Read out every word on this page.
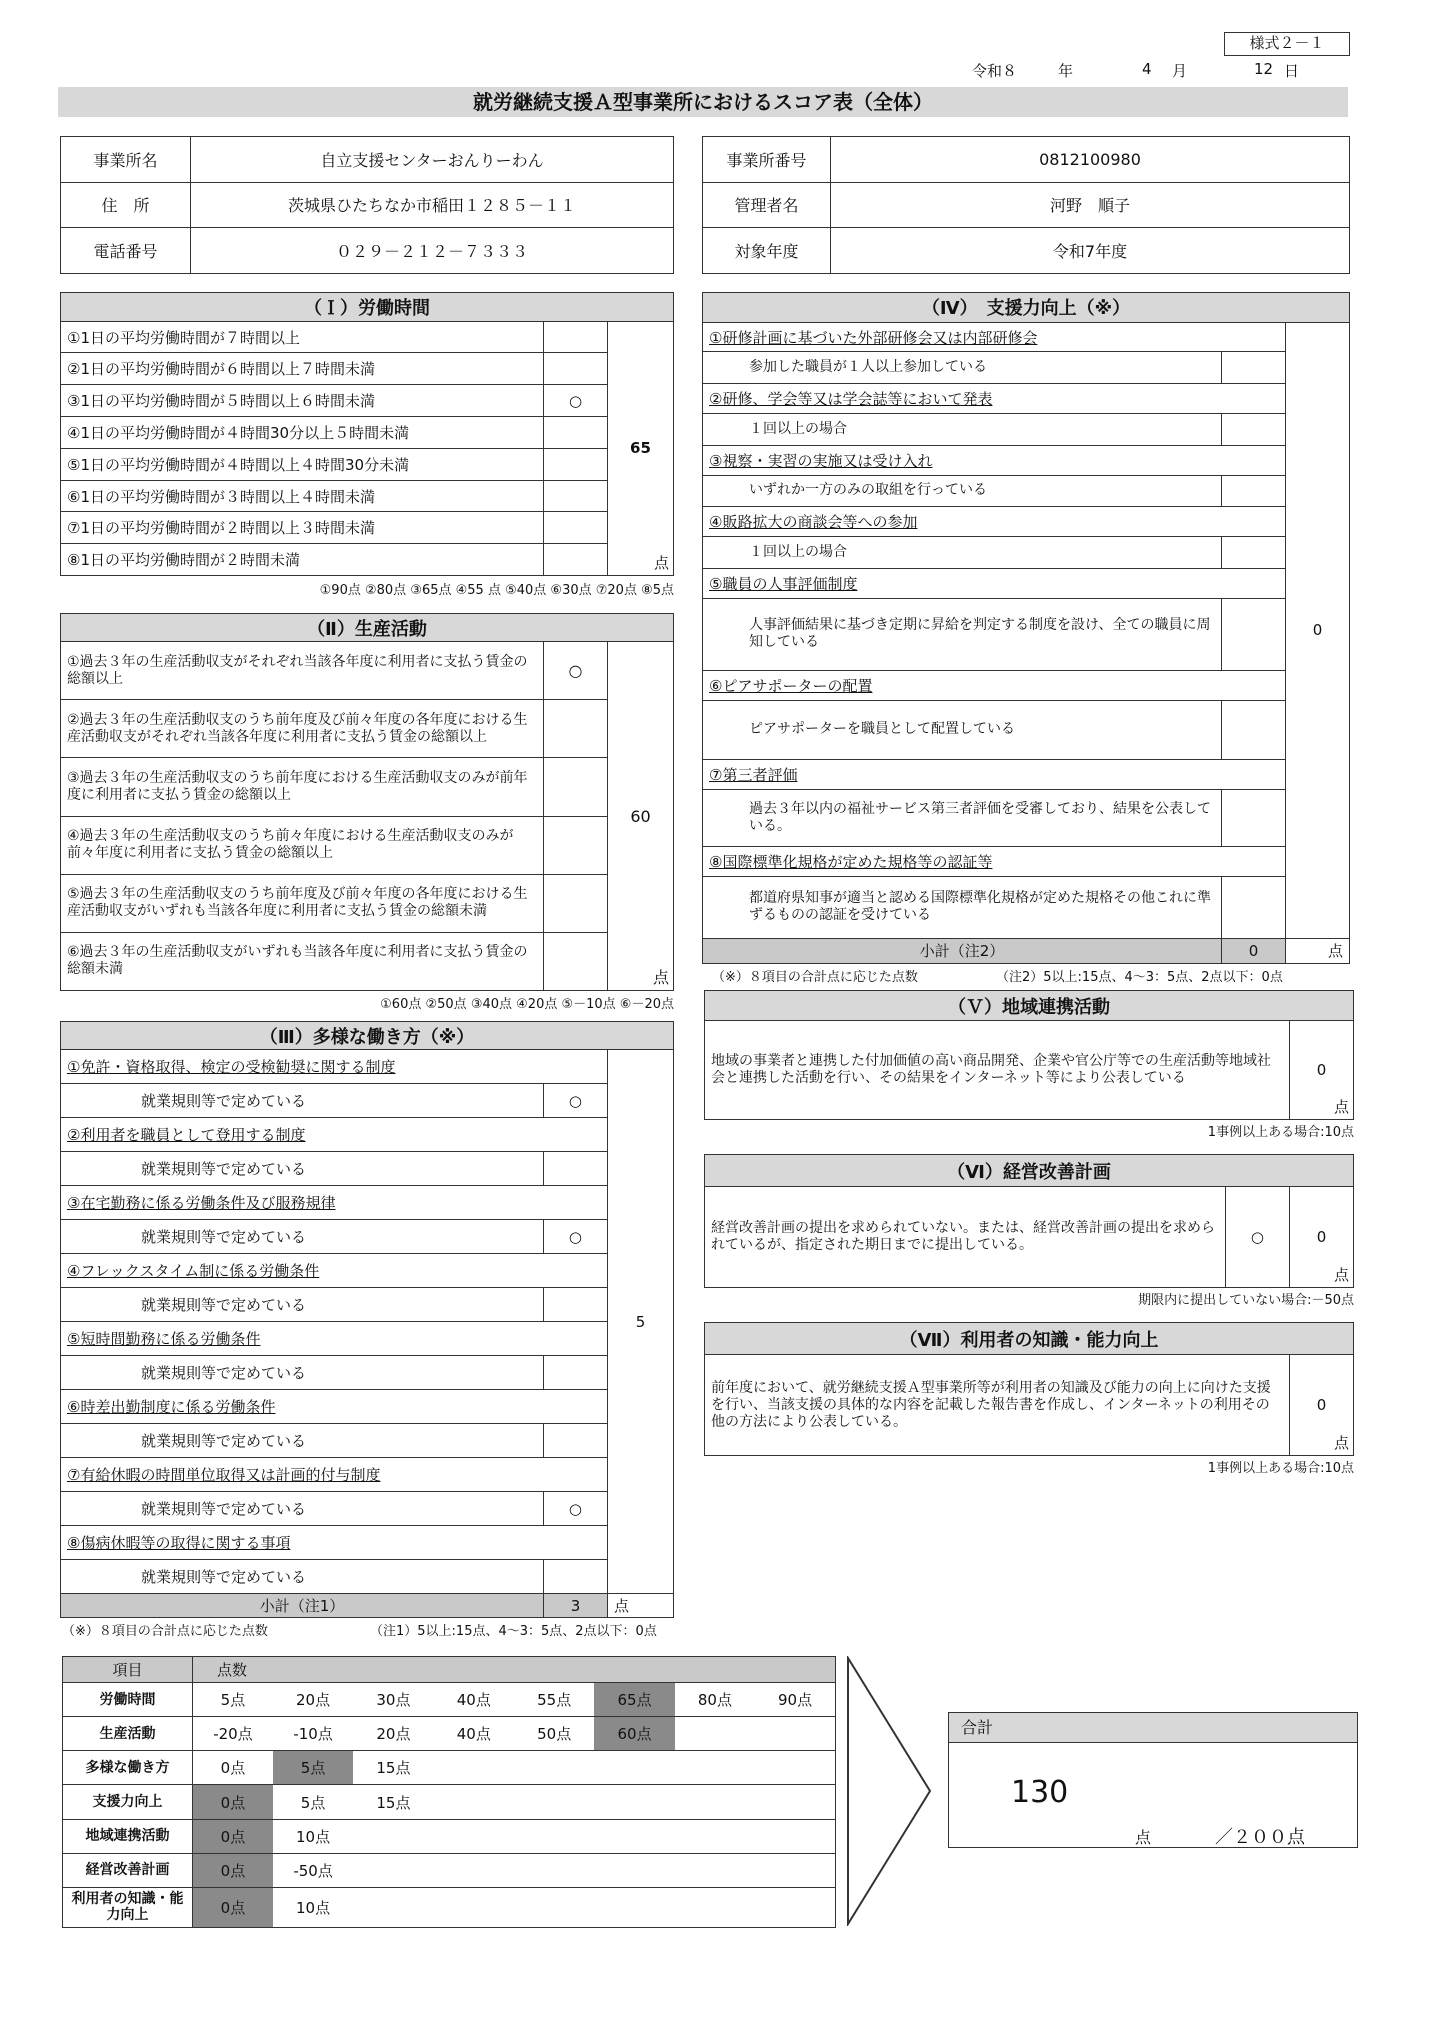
様式２－１
令和８	年	4 月	12 日
就労継続支援Ａ型事業所におけるスコア表（全体）
事業所名	自立支援センターおんりーわん
住　所	茨城県ひたちなか市稲田１２８５－１１
電話番号	０２９－２１２－７３３３
事業所番号	0812100980
管理者名	河野　順子
対象年度	令和7年度
（Ｉ）労働時間		
①1日の平均労働時間が７時間以上		65
点

②1日の平均労働時間が６時間以上７時間未満		
③1日の平均労働時間が５時間以上６時間未満	○	
④1日の平均労働時間が４時間30分以上５時間未満		
⑤1日の平均労働時間が４時間以上４時間30分未満		
⑥1日の平均労働時間が３時間以上４時間未満		
⑦1日の平均労働時間が２時間以上３時間未満		
⑧1日の平均労働時間が２時間未満		
①90点 ②80点 ③65点 ④55 点 ⑤40点 ⑥30点 ⑦20点 ⑧5点
（Ⅱ）生産活動		
①過去３年の生産活動収支がそれぞれ当該各年度に利用者に支払う賃金の総額以上	○	60
点

②過去３年の生産活動収支のうち前年度及び前々年度の各年度における生産活動収支がそれぞれ当該各年度に利用者に支払う賃金の総額以上		
③過去３年の生産活動収支のうち前年度における生産活動収支のみが前年度に利用者に支払う賃金の総額以上		
④過去３年の生産活動収支のうち前々年度における生産活動収支のみが前々年度に利用者に支払う賃金の総額以上		
⑤過去３年の生産活動収支のうち前年度及び前々年度の各年度における生産活動収支がいずれも当該各年度に利用者に支払う賃金の総額未満		
⑥過去３年の生産活動収支がいずれも当該各年度に利用者に支払う賃金の総額未満		
①60点 ②50点 ③40点 ④20点 ⑤－10点 ⑥－20点
（Ⅲ）多様な働き方（※）		
①免許・資格取得、検定の受検勧奨に関する制度		5
就業規則等で定めている	○	
②利用者を職員として登用する制度		
就業規則等で定めている		
③在宅勤務に係る労働条件及び服務規律		
就業規則等で定めている	○	
④フレックスタイム制に係る労働条件		
就業規則等で定めている		
⑤短時間勤務に係る労働条件		
就業規則等で定めている		
⑥時差出勤制度に係る労働条件		
就業規則等で定めている		
⑦有給休暇の時間単位取得又は計画的付与制度		
就業規則等で定めている	○	
⑧傷病休暇等の取得に関する事項		
就業規則等で定めている		
小計（注1）	3	点
（※）８項目の合計点に応じた点数	（注1）5以上:15点、4～3：5点、2点以下：0点
（Ⅳ）　支援力向上（※）		
①研修計画に基づいた外部研修会又は内部研修会		0
参加した職員が１人以上参加している		
②研修、学会等又は学会誌等において発表		
１回以上の場合		
③視察・実習の実施又は受け入れ		
いずれか一方のみの取組を行っている		
④販路拡大の商談会等への参加		
１回以上の場合		
⑤職員の人事評価制度		
人事評価結果に基づき定期に昇給を判定する制度を設け、全ての職員に周知している		
⑥ピアサポーターの配置		
ピアサポーターを職員として配置している		
⑦第三者評価		
過去３年以内の福祉サービス第三者評価を受審しており、結果を公表している。		
⑧国際標準化規格が定めた規格等の認証等		
都道府県知事が適当と認める国際標準化規格が定めた規格その他これに準ずるものの認証を受けている		
小計（注2）	0	点
（※）８項目の合計点に応じた点数	（注2）5以上:15点、4～3：5点、2点以下：0点
（Ｖ）地域連携活動
地域の事業者と連携した付加価値の高い商品開発、企業や官公庁等での生産活動等地域社会と連携した活動を行い、その結果をインターネット等により公表している	0
点
1事例以上ある場合:10点
（Ⅵ）経営改善計画
経営改善計画の提出を求められていない。または、経営改善計画の提出を求められているが、指定された期日までに提出している。	○	0
点
期限内に提出していない場合:－50点
（Ⅶ）利用者の知識・能力向上
前年度において、就労継続支援Ａ型事業所等が利用者の知識及び能力の向上に向けた支援を行い、当該支援の具体的な内容を記載した報告書を作成し、インターネットの利用その他の方法により公表している。	0
点
1事例以上ある場合:10点
項目	点数							
労働時間	5点	20点	30点	40点	55点	65点	80点	90点
生産活動	-20点	-10点	20点	40点	50点	60点		
多様な働き方	0点	5点	15点					
支援力向上	0点	5点	15点					
地域連携活動	0点	10点						
経営改善計画	0点	-50点						
利用者の知識・能力向上	0点	10点						
合計
130
点	／２００点
